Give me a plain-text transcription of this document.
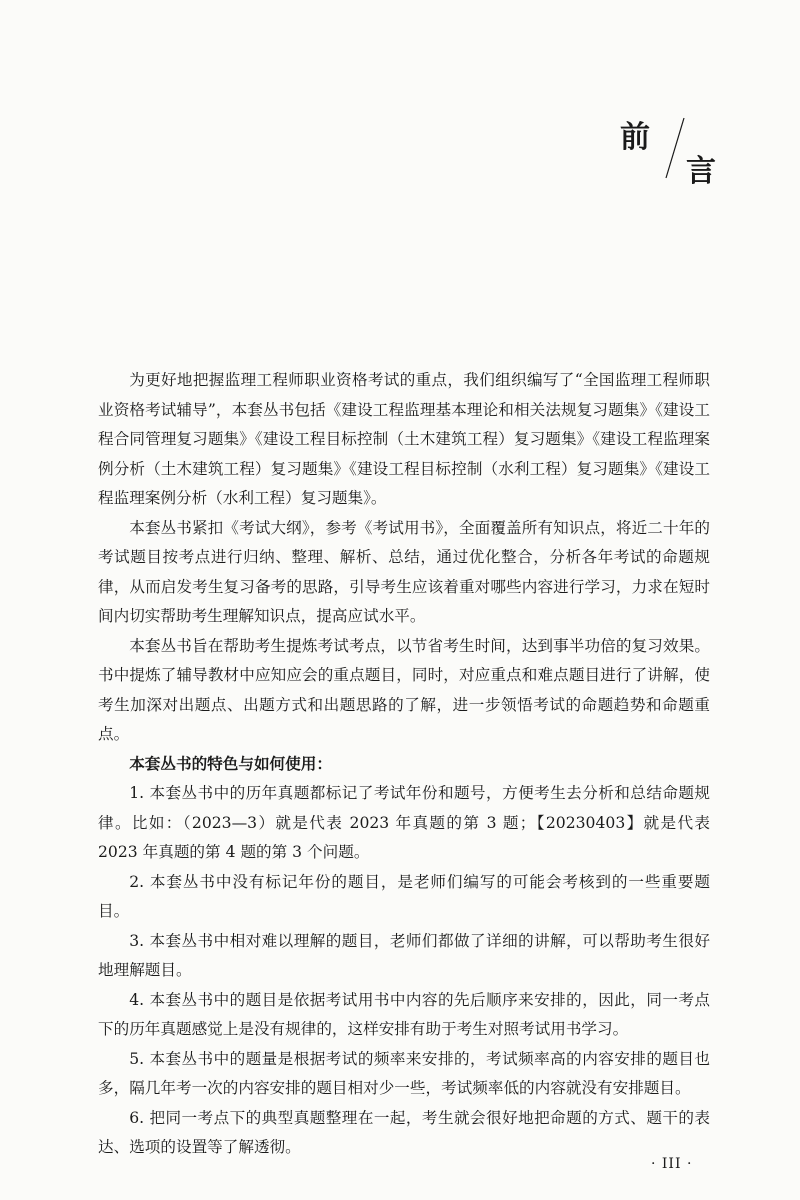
前
言

为更好地把握监理工程师职业资格考试的重点，我们组织编写了“全国监理工程师职业资格考试辅导”，本套丛书包括《建设工程监理基本理论和相关法规复习题集》《建设工程合同管理复习题集》《建设工程目标控制（土木建筑工程）复习题集》《建设工程监理案例分析（土木建筑工程）复习题集》《建设工程目标控制（水利工程）复习题集》《建设工程监理案例分析（水利工程）复习题集》。

本套丛书紧扣《考试大纲》，参考《考试用书》，全面覆盖所有知识点，将近二十年的考试题目按考点进行归纳、整理、解析、总结，通过优化整合，分析各年考试的命题规律，从而启发考生复习备考的思路，引导考生应该着重对哪些内容进行学习，力求在短时间内切实帮助考生理解知识点，提高应试水平。

本套丛书旨在帮助考生提炼考试考点，以节省考生时间，达到事半功倍的复习效果。书中提炼了辅导教材中应知应会的重点题目，同时，对应重点和难点题目进行了讲解，使考生加深对出题点、出题方式和出题思路的了解，进一步领悟考试的命题趋势和命题重点。

本套丛书的特色与如何使用：

1. 本套丛书中的历年真题都标记了考试年份和题号，方便考生去分析和总结命题规律。比如：（2023—3）就是代表 2023 年真题的第 3 题；【20230403】就是代表 2023 年真题的第 4 题的第 3 个问题。

2. 本套丛书中没有标记年份的题目，是老师们编写的可能会考核到的一些重要题目。

3. 本套丛书中相对难以理解的题目，老师们都做了详细的讲解，可以帮助考生很好地理解题目。

4. 本套丛书中的题目是依据考试用书中内容的先后顺序来安排的，因此，同一考点下的历年真题感觉上是没有规律的，这样安排有助于考生对照考试用书学习。

5. 本套丛书中的题量是根据考试的频率来安排的，考试频率高的内容安排的题目也多，隔几年考一次的内容安排的题目相对少一些，考试频率低的内容就没有安排题目。

6. 把同一考点下的典型真题整理在一起，考生就会很好地把命题的方式、题干的表达、选项的设置等了解透彻。

· III ·
